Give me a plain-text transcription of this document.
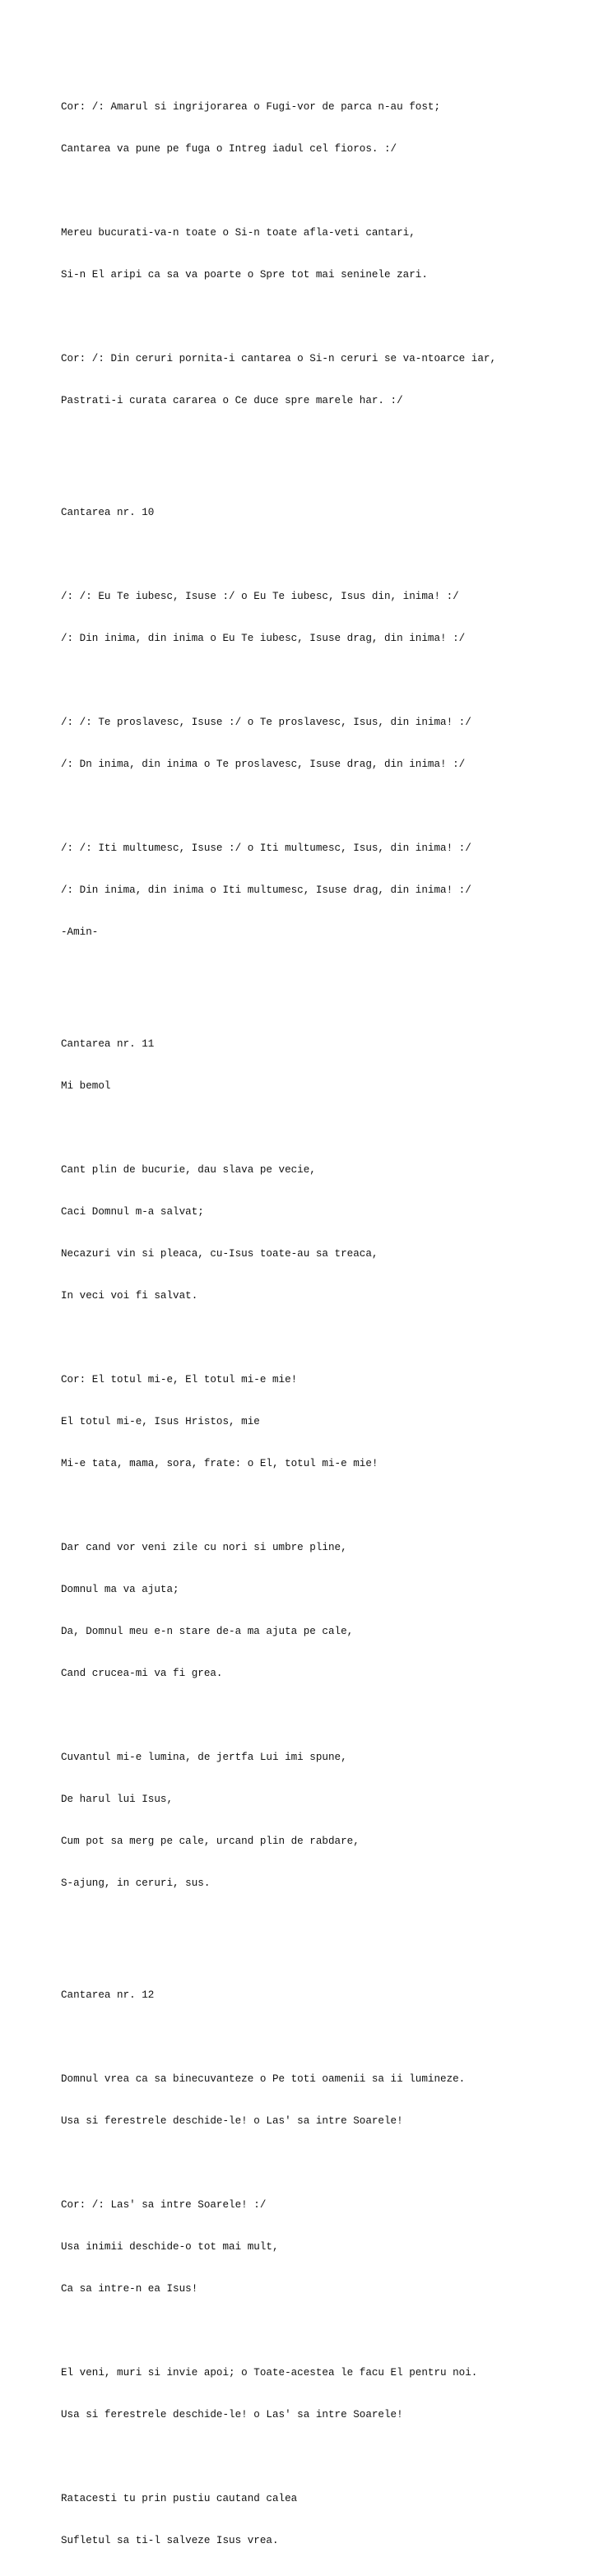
Cor: /: Amarul si ingrijorarea o Fugi-vor de parca n-au fost;

Cantarea va pune pe fuga o Intreg iadul cel fioros. :/

Mereu bucurati-va-n toate o Si-n toate afla-veti cantari,

Si-n El aripi ca sa va poarte o Spre tot mai seninele zari.

Cor: /: Din ceruri pornita-i cantarea o Si-n ceruri se va-ntoarce iar,

Pastrati-i curata cararea o Ce duce spre marele har. :/

Cantarea nr. 10

/: /: Eu Te iubesc, Isuse :/ o Eu Te iubesc, Isus din, inima! :/

/: Din inima, din inima o Eu Te iubesc, Isuse drag, din inima! :/

/: /: Te proslavesc, Isuse :/ o Te proslavesc, Isus, din inima! :/

/: Dn inima, din inima o Te proslavesc, Isuse drag, din inima! :/

/: /: Iti multumesc, Isuse :/ o Iti multumesc, Isus, din inima! :/

/: Din inima, din inima o Iti multumesc, Isuse drag, din inima! :/

-Amin-

Cantarea nr. 11

Mi bemol

Cant plin de bucurie, dau slava pe vecie,

Caci Domnul m-a salvat;

Necazuri vin si pleaca, cu-Isus toate-au sa treaca,

In veci voi fi salvat.

Cor: El totul mi-e, El totul mi-e mie!

El totul mi-e, Isus Hristos, mie

Mi-e tata, mama, sora, frate: o El, totul mi-e mie!

Dar cand vor veni zile cu nori si umbre pline,

Domnul ma va ajuta;

Da, Domnul meu e-n stare de-a ma ajuta pe cale,

Cand crucea-mi va fi grea.

Cuvantul mi-e lumina, de jertfa Lui imi spune,

De harul lui Isus,

Cum pot sa merg pe cale, urcand plin de rabdare,

S-ajung, in ceruri, sus.

Cantarea nr. 12

Domnul vrea ca sa binecuvanteze o Pe toti oamenii sa ii lumineze.

Usa si ferestrele deschide-le! o Las' sa intre Soarele!

Cor: /: Las' sa intre Soarele! :/

Usa inimii deschide-o tot mai mult,

Ca sa intre-n ea Isus!

El veni, muri si invie apoi; o Toate-acestea le facu El pentru noi.

Usa si ferestrele deschide-le! o Las' sa intre Soarele!

Ratacesti tu prin pustiu cautand calea

Sufletul sa ti-l salveze Isus vrea.
